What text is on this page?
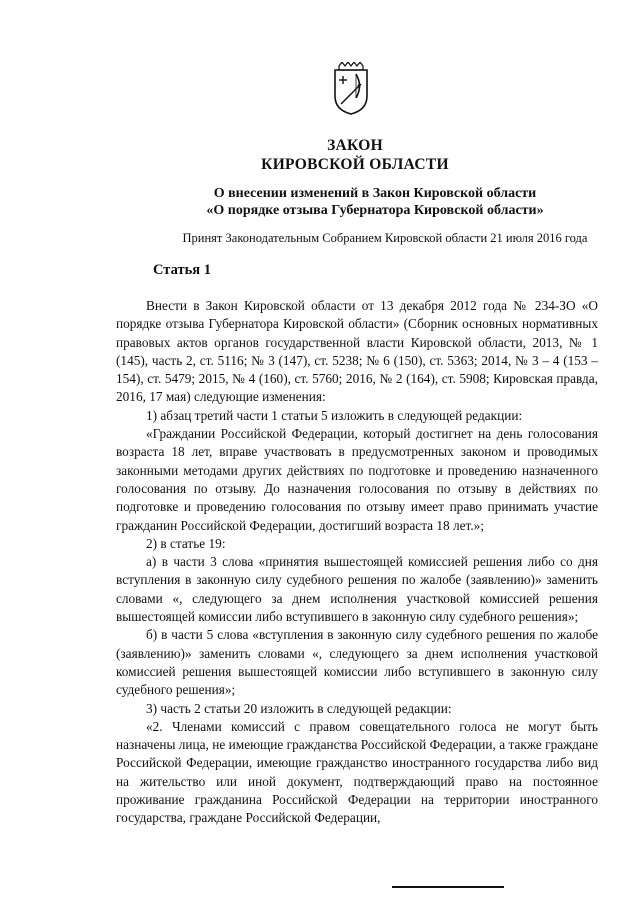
ЗАКОН
КИРОВСКОЙ ОБЛАСТИ
О внесении изменений в Закон Кировской области
«О порядке отзыва Губернатора Кировской области»
Принят Законодательным Собранием Кировской области 21 июля 2016 года
Статья 1

Внести в Закон Кировской области от 13 декабря 2012 года № 234-ЗО «О порядке отзыва Губернатора Кировской области» (Сборник основных нормативных правовых актов органов государственной власти Кировской области, 2013, № 1 (145), часть 2, ст. 5116; № 3 (147), ст. 5238; № 6 (150), ст. 5363; 2014, № 3 – 4 (153 – 154), ст. 5479; 2015, № 4 (160), ст. 5760; 2016, № 2 (164), ст. 5908; Кировская правда, 2016, 17 мая) следующие изменения:

1) абзац третий части 1 статьи 5 изложить в следующей редакции:

«Граждании Российской Федерации, который достигнет на день голосования возраста 18 лет, вправе участвовать в предусмотренных законом и проводимых законными методами других действиях по подготовке и проведению назначенного голосования по отзыву. До назначения голосования по отзыву в действиях по подготовке и проведению голосования по отзыву имеет право принимать участие гражданин Российской Федерации, достигший возраста 18 лет.»;

2) в статье 19:

а) в части 3 слова «принятия вышестоящей комиссией решения либо со дня вступления в законную силу судебного решения по жалобе (заявлению)» заменить словами «, следующего за днем исполнения участковой комиссией решения вышестоящей комиссии либо вступившего в законную силу судебного решения»;

б) в части 5 слова «вступления в законную силу судебного решения по жалобе (заявлению)» заменить словами «, следующего за днем исполнения участковой комиссией решения вышестоящей комиссии либо вступившего в законную силу судебного решения»;

3) часть 2 статьи 20 изложить в следующей редакции:

«2. Членами комиссий с правом совещательного голоса не могут быть назначены лица, не имеющие гражданства Российской Федерации, а также граждане Российской Федерации, имеющие гражданство иностранного государства либо вид на жительство или иной документ, подтверждающий право на постоянное проживание гражданина Российской Федерации на территории иностранного государства, граждане Российской Федерации,
